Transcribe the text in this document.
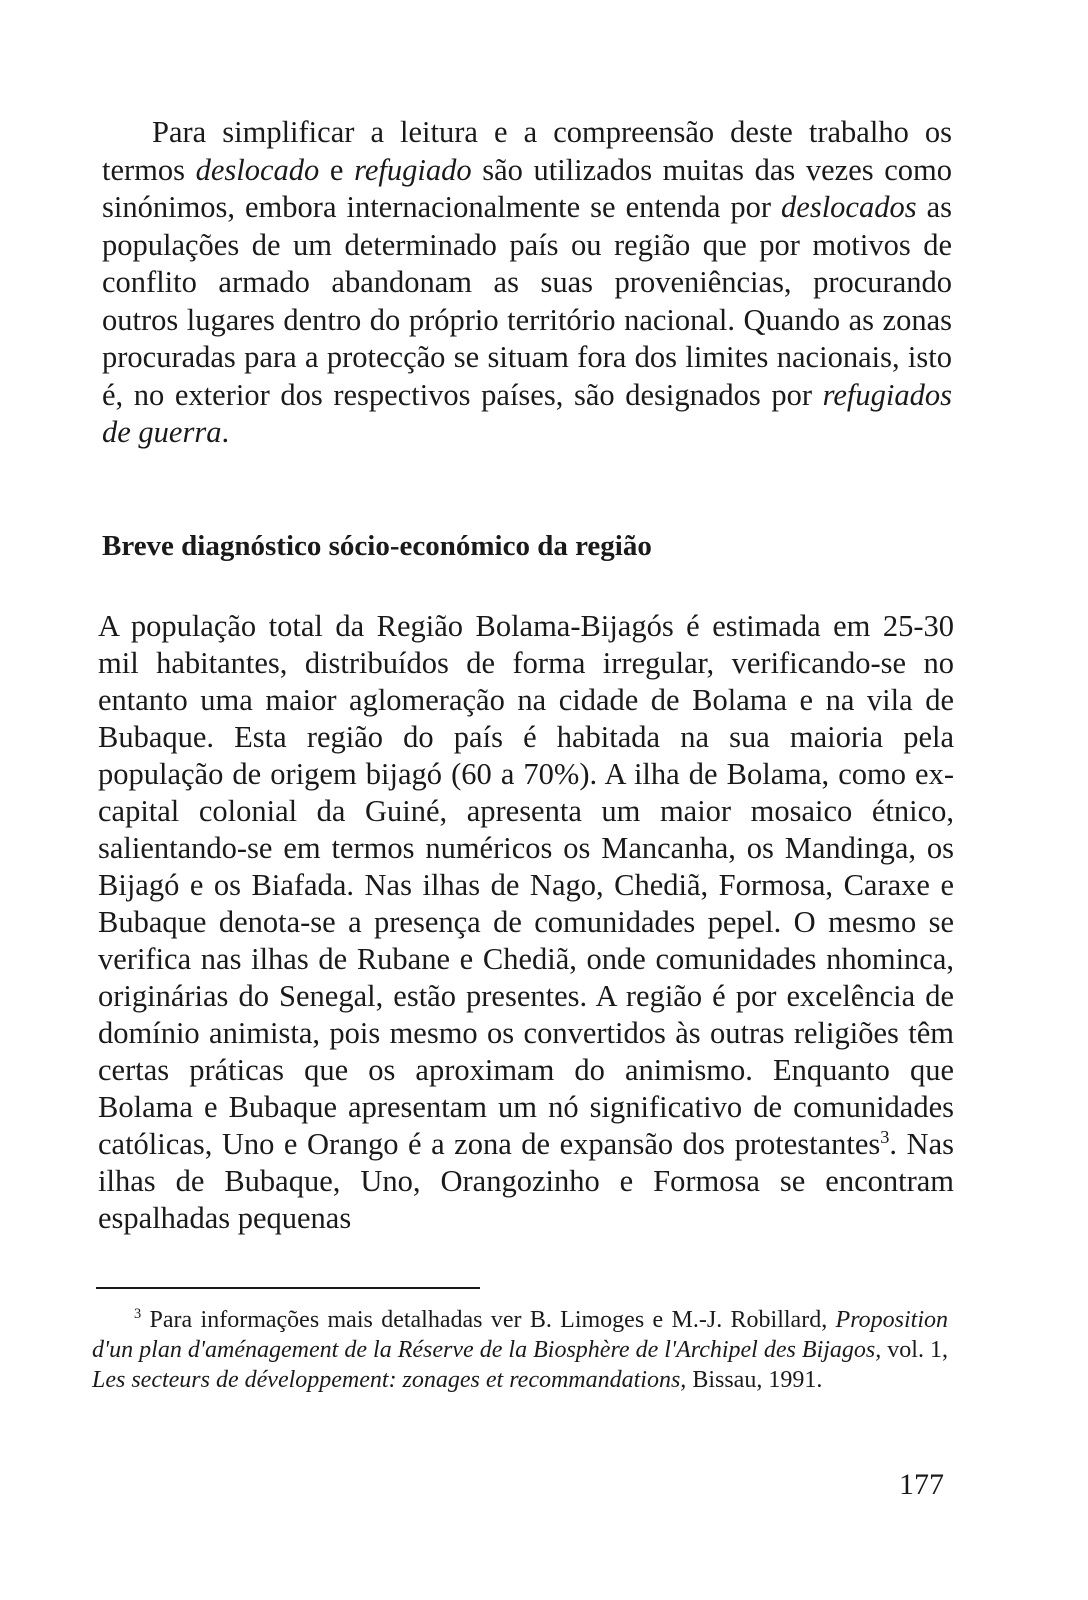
Para simplificar a leitura e a compreensão deste trabalho os termos deslocado e refugiado são utilizados muitas das vezes como sinónimos, embora internacionalmente se entenda por deslocados as populações de um determinado país ou região que por motivos de conflito armado abandonam as suas proveniências, procurando outros lugares dentro do próprio território nacional. Quando as zonas procuradas para a protecção se situam fora dos limites nacionais, isto é, no exterior dos respectivos países, são designados por refugiados de guerra.

Breve diagnóstico sócio-económico da região

A população total da Região Bolama-Bijagós é estimada em 25-30 mil habitantes, distribuídos de forma irregular, verificando-se no entanto uma maior aglomeração na cidade de Bolama e na vila de Bubaque. Esta região do país é habitada na sua maioria pela população de origem bijagó (60 a 70%). A ilha de Bolama, como ex-capital colonial da Guiné, apresenta um maior mosaico étnico, salientando-se em termos numéricos os Mancanha, os Mandinga, os Bijagó e os Biafada. Nas ilhas de Nago, Chediã, Formosa, Caraxe e Bubaque denota-se a presença de comunidades pepel. O mesmo se verifica nas ilhas de Rubane e Chediã, onde comunidades nhominca, originárias do Senegal, estão presentes. A região é por excelência de domínio animista, pois mesmo os convertidos às outras religiões têm certas práticas que os aproximam do animismo. Enquanto que Bolama e Bubaque apresentam um nó significativo de comunidades católicas, Uno e Orango é a zona de expansão dos protestantes$^3$. Nas ilhas de Bubaque, Uno, Orangozinho e Formosa se encontram espalhadas pequenas

$^3$ Para informações mais detalhadas ver B. Limoges e M.-J. Robillard, Proposition d'un plan d'aménagement de la Réserve de la Biosphère de l'Archipel des Bijagos, vol. 1, Les secteurs de développement: zonages et recommandations, Bissau, 1991.

177
